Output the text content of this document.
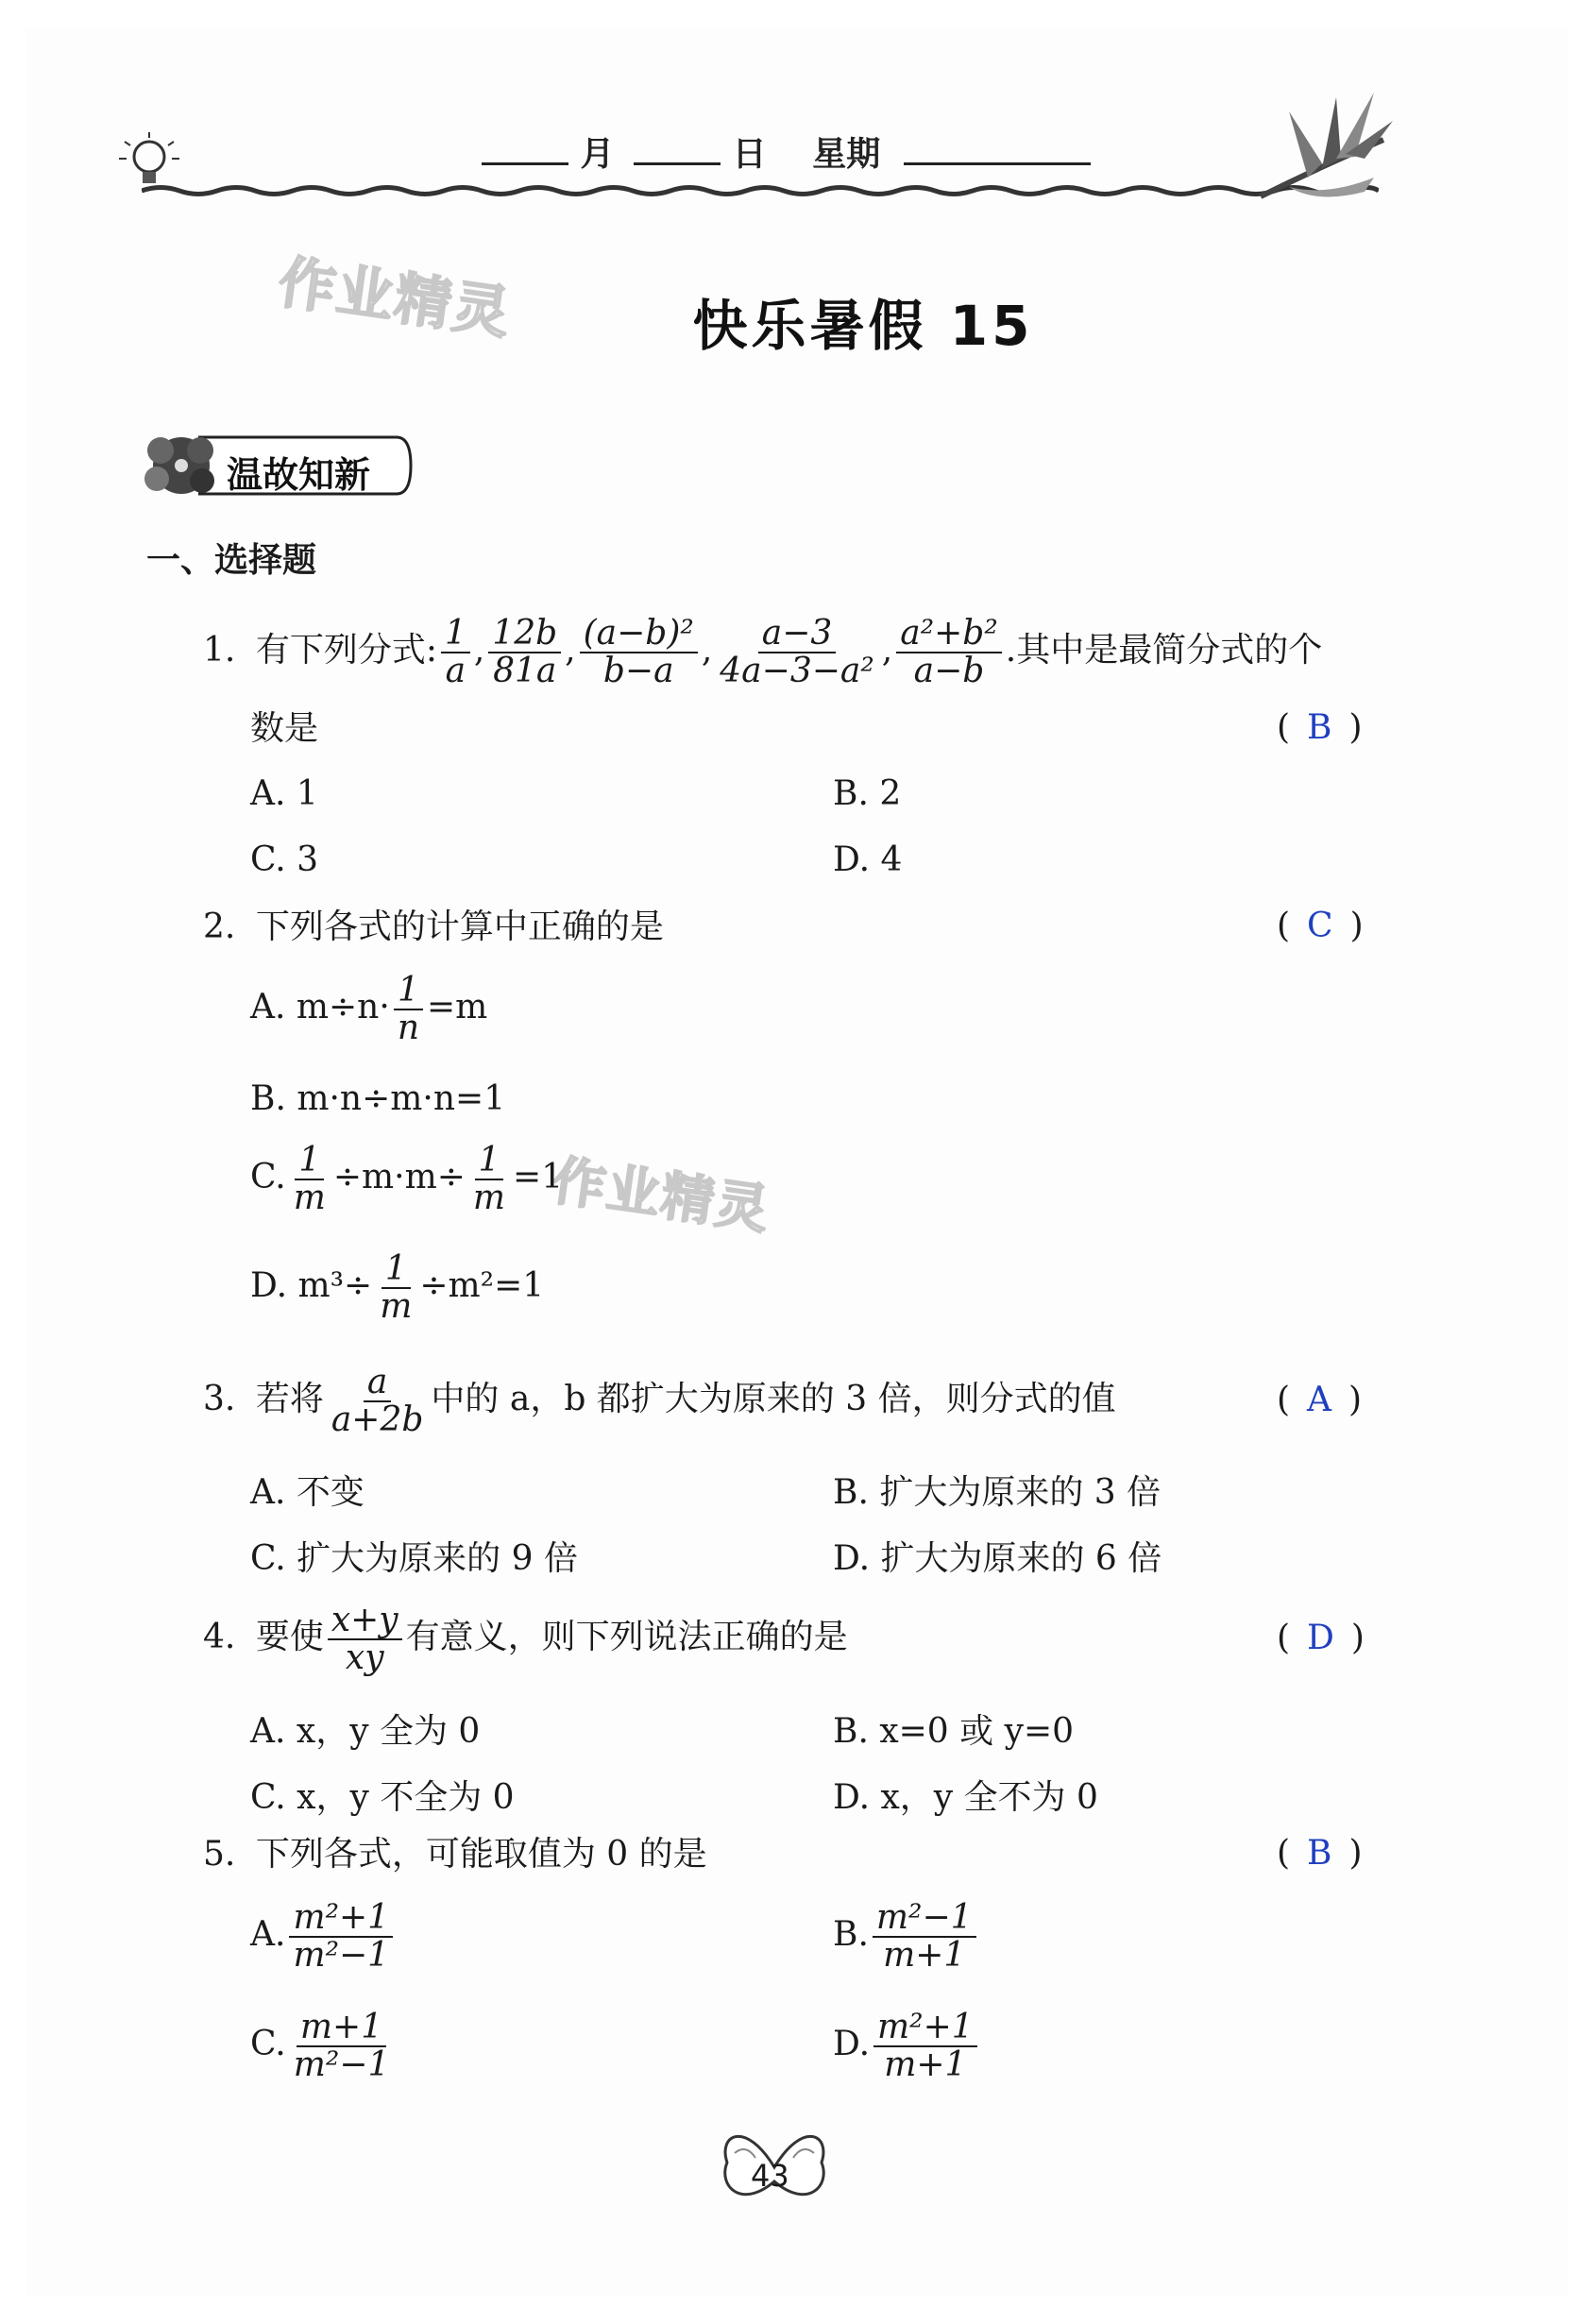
月	日 星期
作业精灵
作业精灵
快乐暑假 15
温故知新
一、选择题
1. 有下列分式: $\frac{1}{a}$ , $\frac{12b}{81a}$ , $\frac{\text{(a−b)²}}{b-a}$ , $\frac{a-3}{\text{4a−3−a²}}$ , $\frac{\text{a²+b²}}{a-b}$ .其中是最简分式的个
数是	(B)
A. 1	B. 2
C. 3	D. 4
2. 下列各式的计算中正确的是	(C)
A. $m\div n\cdot \frac{1}{n} =m$
B. m·n÷m·n=1
C. $\frac{1}{m} \div m\cdot m\div \frac{1}{m} =1$
D. $m^3\div \frac{1}{m} \div m^2=1$
3. 若将 $\frac{a}{a+2b}$ 中的 a，b 都扩大为原来的 3 倍，则分式的值	(A)
A. 不变	B. 扩大为原来的 3 倍
C. 扩大为原来的 9 倍	D. 扩大为原来的 6 倍
4. 要使 $\frac{x+y}{xy}$ 有意义，则下列说法正确的是	(D)
A. x，y 全为 0	B. x=0 或 y=0
C. x，y 不全为 0	D. x，y 全不为 0
5. 下列各式，可能取值为 0 的是	(B)
A. $\frac{\text{m²+1}}{\text{m²−1}}$	B. $\frac{\text{m²−1}}{m+1}$
C. $\frac{m+1}{\text{m²−1}}$	D. $\frac{\text{m²+1}}{m+1}$
43
